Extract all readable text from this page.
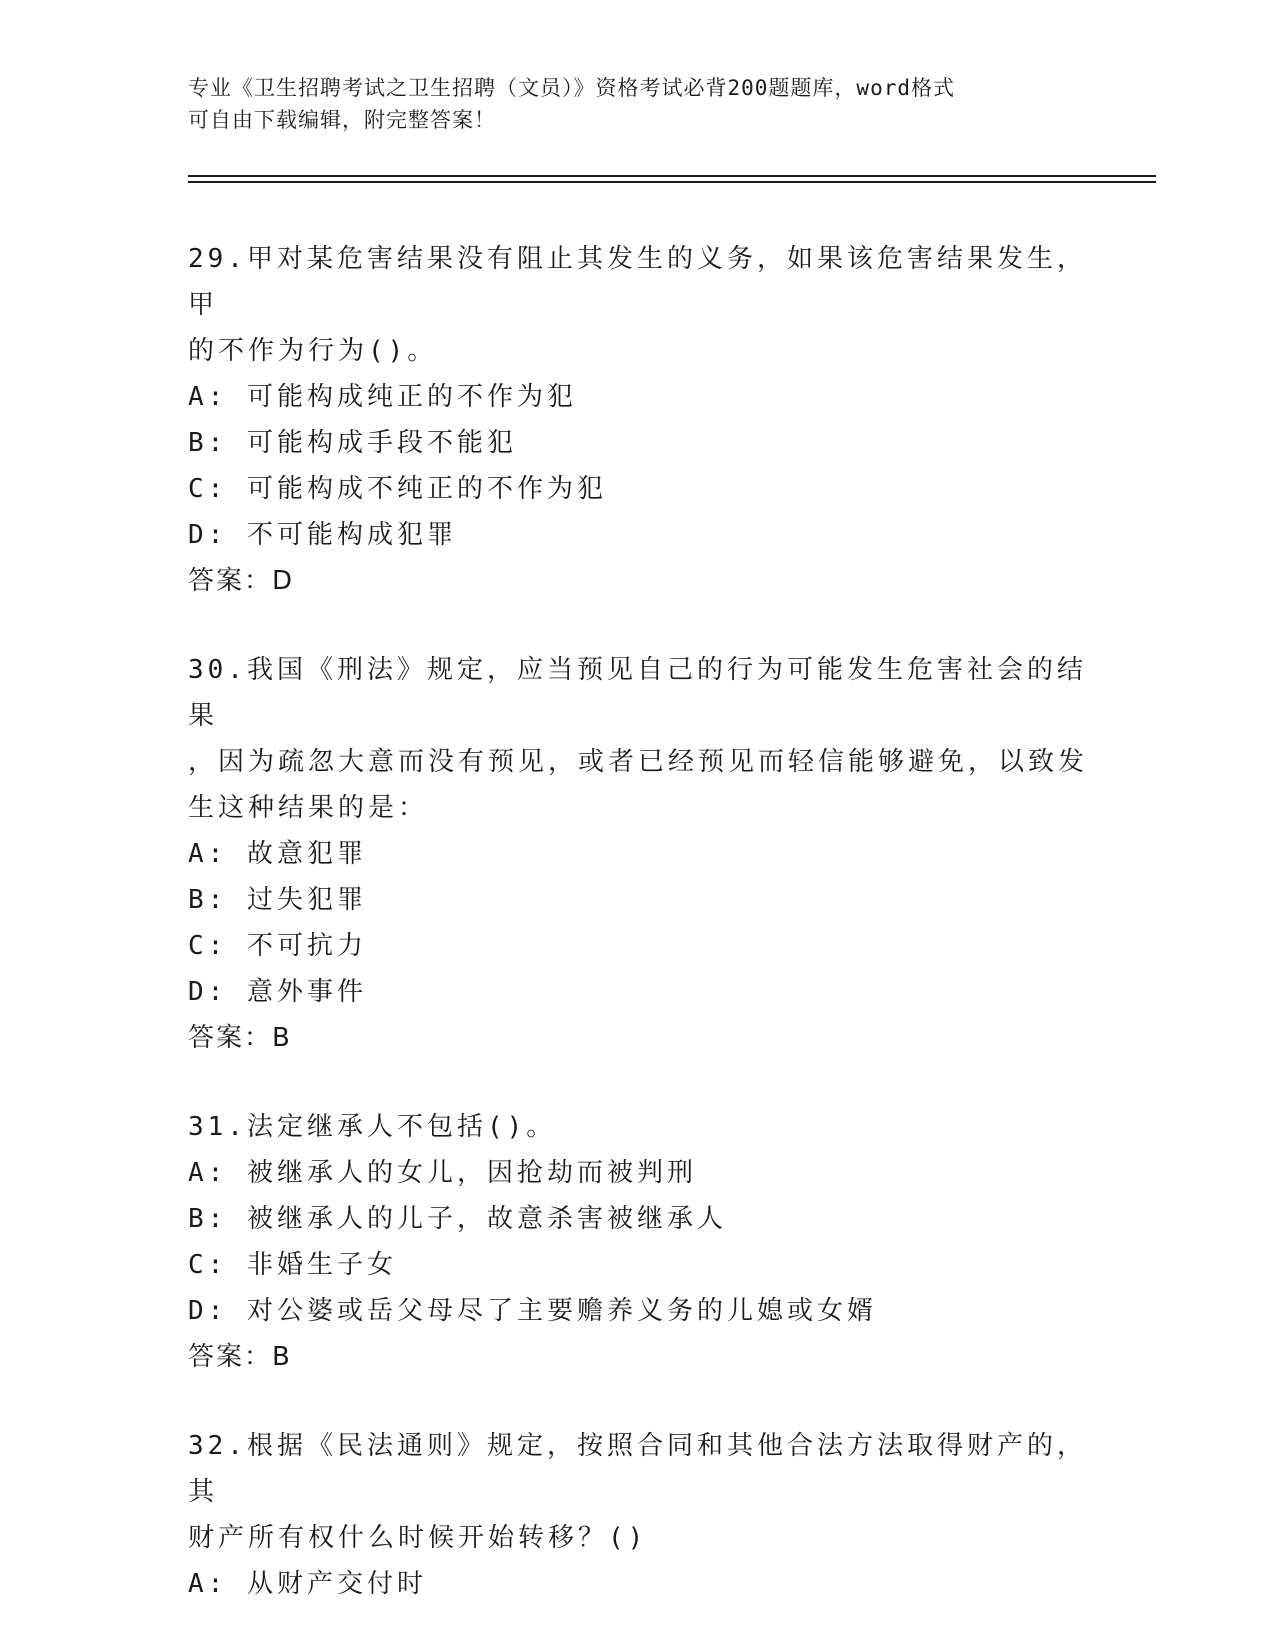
专业《卫生招聘考试之卫生招聘（文员）》资格考试必背200题题库，word格式
可自由下载编辑，附完整答案！
29.甲对某危害结果没有阻止其发生的义务，如果该危害结果发生，甲
的不作为行为()。
A: 可能构成纯正的不作为犯
B: 可能构成手段不能犯
C: 可能构成不纯正的不作为犯
D: 不可能构成犯罪
答案：D
30.我国《刑法》规定，应当预见自己的行为可能发生危害社会的结果
，因为疏忽大意而没有预见，或者已经预见而轻信能够避免，以致发
生这种结果的是：
A: 故意犯罪
B: 过失犯罪
C: 不可抗力
D: 意外事件
答案：B
31.法定继承人不包括()。
A: 被继承人的女儿，因抢劫而被判刑
B: 被继承人的儿子，故意杀害被继承人
C: 非婚生子女
D: 对公婆或岳父母尽了主要赡养义务的儿媳或女婿
答案：B
32.根据《民法通则》规定，按照合同和其他合法方法取得财产的，其
财产所有权什么时候开始转移？()
A: 从财产交付时
